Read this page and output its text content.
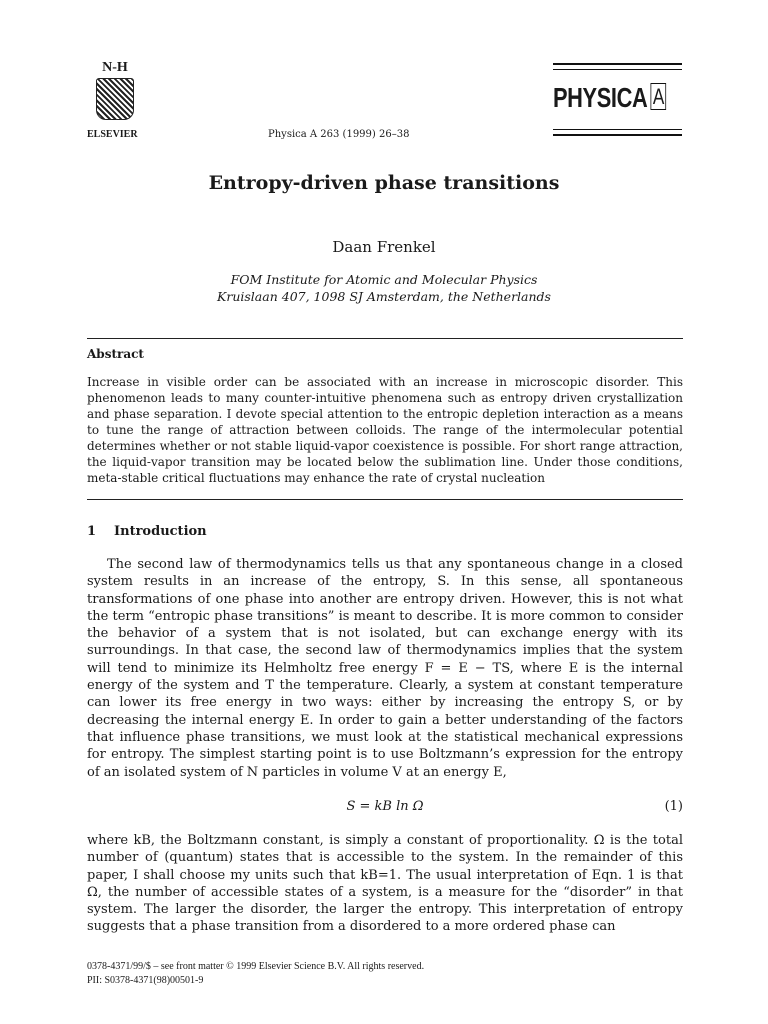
N-H
ELSEVIER	Physica A 263 (1999) 26–38
PHYSICA A
Entropy-driven phase transitions
Daan Frenkel
FOM Institute for Atomic and Molecular Physics
Kruislaan 407, 1098 SJ Amsterdam, the Netherlands
Abstract
Increase in visible order can be associated with an increase in microscopic disorder. This phenomenon leads to many counter-intuitive phenomena such as entropy driven crystallization and phase separation. I devote special attention to the entropic depletion interaction as a means to tune the range of attraction between colloids. The range of the intermolecular potential determines whether or not stable liquid-vapor coexistence is possible. For short range attraction, the liquid-vapor transition may be located below the sublimation line. Under those conditions, meta-stable critical fluctuations may enhance the rate of crystal nucleation
1 Introduction

The second law of thermodynamics tells us that any spontaneous change in a closed system results in an increase of the entropy, S. In this sense, all spontaneous transformations of one phase into another are entropy driven. However, this is not what the term “entropic phase transitions” is meant to describe. It is more common to consider the behavior of a system that is not isolated, but can exchange energy with its surroundings. In that case, the second law of thermodynamics implies that the system will tend to minimize its Helmholtz free energy F = E − TS, where E is the internal energy of the system and T the temperature. Clearly, a system at constant temperature can lower its free energy in two ways: either by increasing the entropy S, or by decreasing the internal energy E. In order to gain a better understanding of the factors that influence phase transitions, we must look at the statistical mechanical expressions for entropy. The simplest starting point is to use Boltzmann’s expression for the entropy of an isolated system of N particles in volume V at an energy E,

S = kB ln Ω	(1)

where kB, the Boltzmann constant, is simply a constant of proportionality. Ω is the total number of (quantum) states that is accessible to the system. In the remainder of this paper, I shall choose my units such that kB=1. The usual interpretation of Eqn. 1 is that Ω, the number of accessible states of a system, is a measure for the “disorder” in that system. The larger the disorder, the larger the entropy. This interpretation of entropy suggests that a phase transition from a disordered to a more ordered phase can

0378-4371/99/$ – see front matter © 1999 Elsevier Science B.V. All rights reserved.
PII: S0378-4371(98)00501-9
